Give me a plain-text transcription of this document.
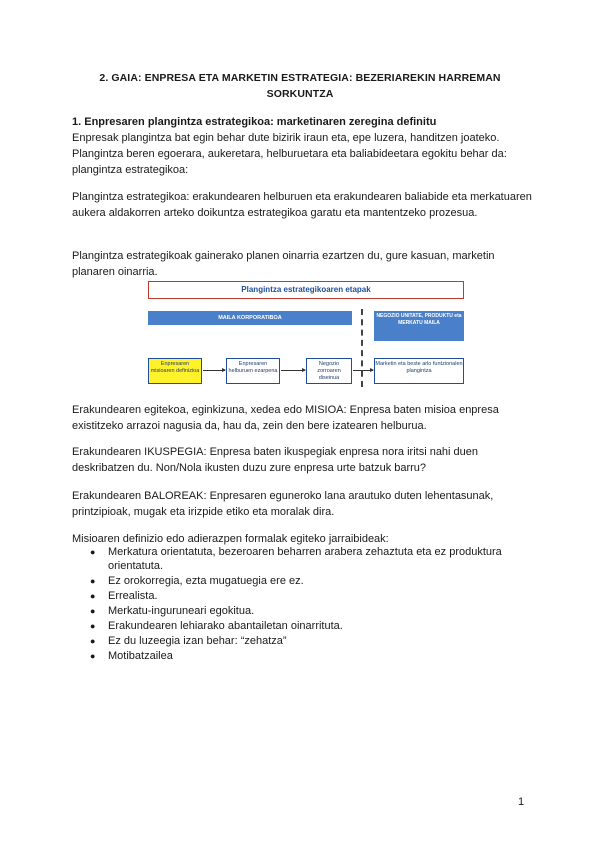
2. GAIA: ENPRESA ETA MARKETIN ESTRATEGIA: BEZERIAREKIN HARREMAN SORKUNTZA
1. Enpresaren plangintza estrategikoa: marketinaren zeregina definitu

Enpresak plangintza bat egin behar dute bizirik iraun eta, epe luzera, handitzen joateko. Plangintza beren egoerara, aukeretara, helburuetara eta baliabideetara egokitu behar da: plangintza estrategikoa:

Plangintza estrategikoa: erakundearen helburuen eta erakundearen baliabide eta merkatuaren aukera aldakorren arteko doikuntza estrategikoa garatu eta mantentzeko prozesua.

Plangintza estrategikoak gainerako planen oinarria ezartzen du, gure kasuan, marketin planaren oinarria.

Plangintza estrategikoaren etapak
MAILA KORPORATIBOA	NEGOZIO UNITATE, PRODUKTU eta MERKATU MAILA
Enpresaren misioaren definizioa
Enpresaren helburuen ezarpena
Negozio zorroaren diseinua
Marketin eta beste arlo funtzionalen plangintza

Erakundearen egitekoa, eginkizuna, xedea edo MISIOA: Enpresa baten misioa enpresa existitzeko arrazoi nagusia da, hau da, zein den bere izatearen helburua.

Erakundearen IKUSPEGIA: Enpresa baten ikuspegiak enpresa nora iritsi nahi duen deskribatzen du. Non/Nola ikusten duzu zure enpresa urte batzuk barru?

Erakundearen BALOREAK: Enpresaren eguneroko lana arautuko duten lehentasunak, printzipioak, mugak eta irizpide etiko eta moralak dira.

Misioaren definizio edo adierazpen formalak egiteko jarraibideak:

● Merkatura orientatuta, bezeroaren beharren arabera zehaztuta eta ez produktura orientatuta.
● Ez orokorregia, ezta mugatuegia ere ez.
● Errealista.
● Merkatu-inguruneari egokitua.
● Erakundearen lehiarako abantailetan oinarrituta.
● Ez du luzeegia izan behar: “zehatza”
● Motibatzailea
1
